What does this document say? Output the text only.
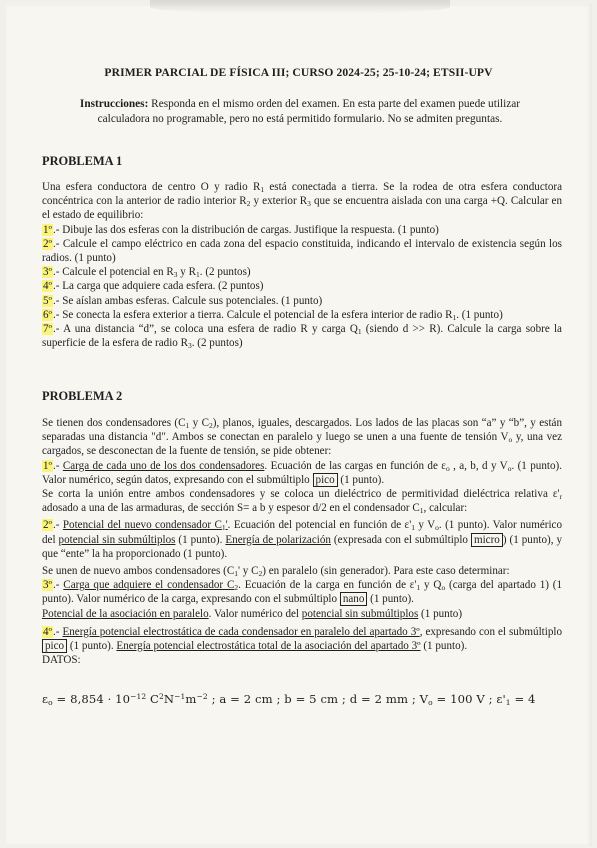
PRIMER PARCIAL DE FÍSICA III; CURSO 2024-25; 25-10-24; ETSII-UPV
Instrucciones: Responda en el mismo orden del examen. En esta parte del examen puede utilizar calculadora no programable, pero no está permitido formulario. No se admiten preguntas.
PROBLEMA 1
Una esfera conductora de centro O y radio $R_1$ está conectada a tierra. Se la rodea de otra esfera conductora concéntrica con la anterior de radio interior $R_2$ y exterior $R_3$ que se encuentra aislada con una carga +Q. Calcular en el estado de equilibrio:
1º.- Dibuje las dos esferas con la distribución de cargas. Justifique la respuesta. (1 punto)
2º.- Calcule el campo eléctrico en cada zona del espacio constituida, indicando el intervalo de existencia según los radios. (1 punto)
3º.- Calcule el potencial en $R_3$ y $R_1$. (2 puntos)
4º.- La carga que adquiere cada esfera. (2 puntos)
5º.- Se aíslan ambas esferas. Calcule sus potenciales. (1 punto)
6º.- Se conecta la esfera exterior a tierra. Calcule el potencial de la esfera interior de radio $R_1$. (1 punto)
7º.- A una distancia “d”, se coloca una esfera de radio R y carga $Q_1$ (siendo d >> R). Calcule la carga sobre la superficie de la esfera de radio $R_3$. (2 puntos)
PROBLEMA 2
Se tienen dos condensadores ($C_1$ y $C_2$), planos, iguales, descargados. Los lados de las placas son “a” y “b”, y están separadas una distancia "d". Ambos se conectan en paralelo y luego se unen a una fuente de tensión $V_o$ y, una vez cargados, se desconectan de la fuente de tensión, se pide obtener:
1º.- Carga de cada uno de los dos condensadores. Ecuación de las cargas en función de $\varepsilon_o$ , a, b, d y $V_o$. (1 punto). Valor numérico, según datos, expresando con el submúltiplo pico (1 punto).
Se corta la unión entre ambos condensadores y se coloca un dieléctrico de permitividad dieléctrica relativa $\varepsilon'_r$ adosado a una de las armaduras, de sección S= a b y espesor d/2 en el condensador $C_1$, calcular:
2º.- Potencial del nuevo condensador $C_1'$. Ecuación del potencial en función de $\varepsilon'_1$ y $V_o$. (1 punto). Valor numérico del potencial sin submúltiplos (1 punto). Energía de polarización (expresada con el submúltiplo micro ) (1 punto), y que “ente” la ha proporcionado (1 punto).
Se unen de nuevo ambos condensadores ($C_1'$ y $C_2$) en paralelo (sin generador). Para este caso determinar:
3º.- Carga que adquiere el condensador $C_2$. Ecuación de la carga en función de $\varepsilon'_1$ y $Q_o$ (carga del apartado 1) (1 punto). Valor numérico de la carga, expresando con el submúltiplo nano (1 punto).
Potencial de la asociación en paralelo. Valor numérico del potencial sin submúltiplos (1 punto)
4º.- Energía potencial electrostática de cada condensador en paralelo del apartado 3º, expresando con el submúltiplo pico (1 punto). Energía potencial electrostática total de la asociación del apartado 3º (1 punto).
DATOS:
$\varepsilon_o = 8,854 \cdot 10^{-12}$ $C^2N^{-1}m^{-2}$ ; a = 2 cm ; b = 5 cm ; d = 2 mm ; $V_o = 100$ V ; $\varepsilon'_1 = 4$
